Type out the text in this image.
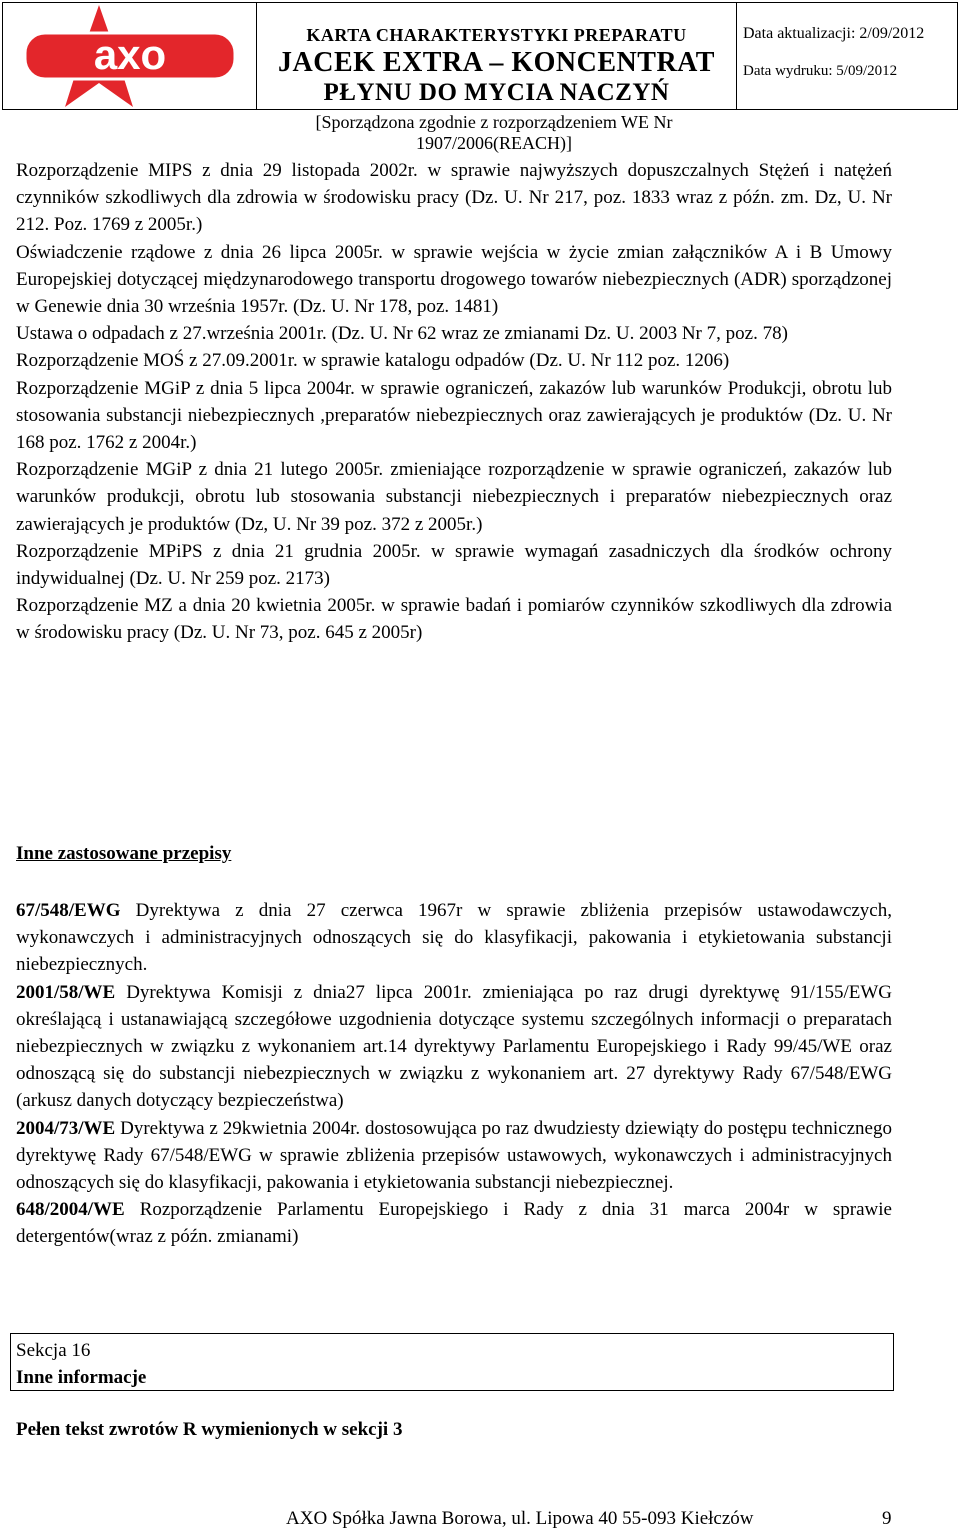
axo	KARTA CHARAKTERYSTYKI PREPARATU
JACEK EXTRA – KONCENTRAT
PŁYNU DO MYCIA NACZYŃ
Data aktualizacji: 2/09/2012
Data wydruku: 5/09/2012
[Sporządzona zgodnie z rozporządzeniem WE Nr 1907/2006(REACH)]

Rozporządzenie MIPS z dnia 29 listopada 2002r. w sprawie najwyższych dopuszczalnych Stężeń i natężeń czynników szkodliwych dla zdrowia w środowisku pracy (Dz. U. Nr 217, poz. 1833 wraz z późn. zm. Dz, U. Nr 212. Poz. 1769 z 2005r.)

Oświadczenie rządowe z dnia 26 lipca 2005r. w sprawie wejścia w życie zmian załączników A i B Umowy Europejskiej dotyczącej międzynarodowego transportu drogowego towarów niebezpiecznych (ADR) sporządzonej w Genewie dnia 30 września 1957r. (Dz. U. Nr 178, poz. 1481)

Ustawa o odpadach z 27.września 2001r. (Dz. U. Nr 62 wraz ze zmianami Dz. U. 2003 Nr 7, poz. 78)

Rozporządzenie MOŚ z 27.09.2001r. w sprawie katalogu odpadów (Dz. U. Nr 112 poz. 1206)

Rozporządzenie MGiP z dnia 5 lipca 2004r. w sprawie ograniczeń, zakazów lub warunków Produkcji, obrotu lub stosowania substancji niebezpiecznych ,preparatów niebezpiecznych oraz zawierających je produktów (Dz. U. Nr 168 poz. 1762 z 2004r.)

Rozporządzenie MGiP z dnia 21 lutego 2005r. zmieniające rozporządzenie w sprawie ograniczeń, zakazów lub warunków produkcji, obrotu lub stosowania substancji niebezpiecznych i preparatów niebezpiecznych oraz zawierających je produktów (Dz, U. Nr 39 poz. 372 z 2005r.)

Rozporządzenie MPiPS z dnia 21 grudnia 2005r. w sprawie wymagań zasadniczych dla środków ochrony indywidualnej (Dz. U. Nr 259 poz. 2173)

Rozporządzenie MZ a dnia 20 kwietnia 2005r. w sprawie badań i pomiarów czynników szkodliwych dla zdrowia w środowisku pracy (Dz. U. Nr 73, poz. 645 z 2005r)

Inne zastosowane przepisy

67/548/EWG Dyrektywa z dnia 27 czerwca 1967r w sprawie zbliżenia przepisów ustawodawczych, wykonawczych i administracyjnych odnoszących się do klasyfikacji, pakowania i etykietowania substancji niebezpiecznych.

2001/58/WE Dyrektywa Komisji z dnia27 lipca 2001r. zmieniająca po raz drugi dyrektywę 91/155/EWG określającą i ustanawiającą szczegółowe uzgodnienia dotyczące systemu szczególnych informacji o preparatach niebezpiecznych w związku z wykonaniem art.14 dyrektywy Parlamentu Europejskiego i Rady 99/45/WE oraz odnoszącą się do substancji niebezpiecznych w związku z wykonaniem art. 27 dyrektywy Rady 67/548/EWG (arkusz danych dotyczący bezpieczeństwa)

2004/73/WE Dyrektywa z 29kwietnia 2004r. dostosowująca po raz dwudziesty dziewiąty do postępu technicznego dyrektywę Rady 67/548/EWG w sprawie zbliżenia przepisów ustawowych, wykonawczych i administracyjnych odnoszących się do klasyfikacji, pakowania i etykietowania substancji niebezpiecznej.

648/2004/WE Rozporządzenie Parlamentu Europejskiego i Rady z dnia 31 marca 2004r w sprawie detergentów(wraz z późn. zmianami)

Sekcja 16
Inne informacje
Pełen tekst zwrotów R wymienionych w sekcji 3
AXO Spółka Jawna Borowa, ul. Lipowa 40 55-093 Kiełczów	9
